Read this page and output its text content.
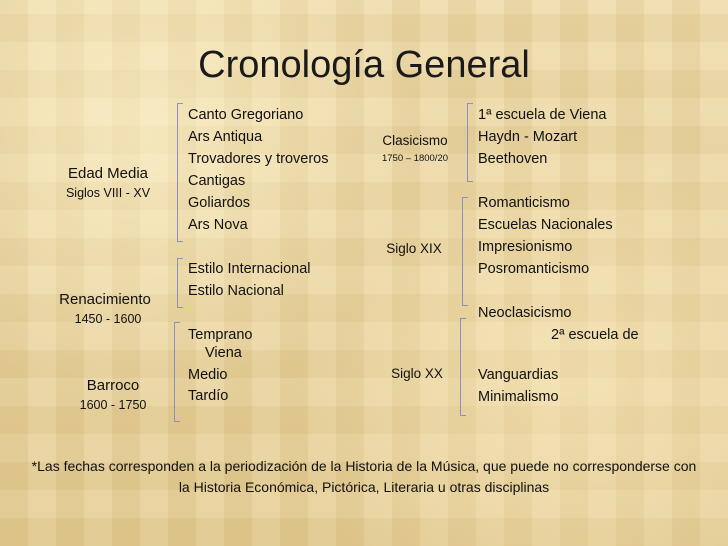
Cronología General
Edad Media
Siglos VIII - XV
Renacimiento
1450 - 1600
Barroco
1600 - 1750
Canto Gregoriano
Ars Antiqua
Trovadores y troveros
Cantigas
Goliardos
Ars Nova
Estilo Internacional
Estilo Nacional
Temprano
Viena
Medio
Tardío
Clasicismo
1750 – 1800/20
Siglo XIX
Siglo XX
1ª escuela de Viena
Haydn - Mozart
Beethoven
Romanticismo
Escuelas Nacionales
Impresionismo
Posromanticismo
Neoclasicismo
2ª escuela de
Vanguardias
Minimalismo
*Las fechas corresponden a la periodización de la Historia de la Música, que puede no corresponderse con la Historia Económica, Pictórica, Literaria u otras disciplinas
